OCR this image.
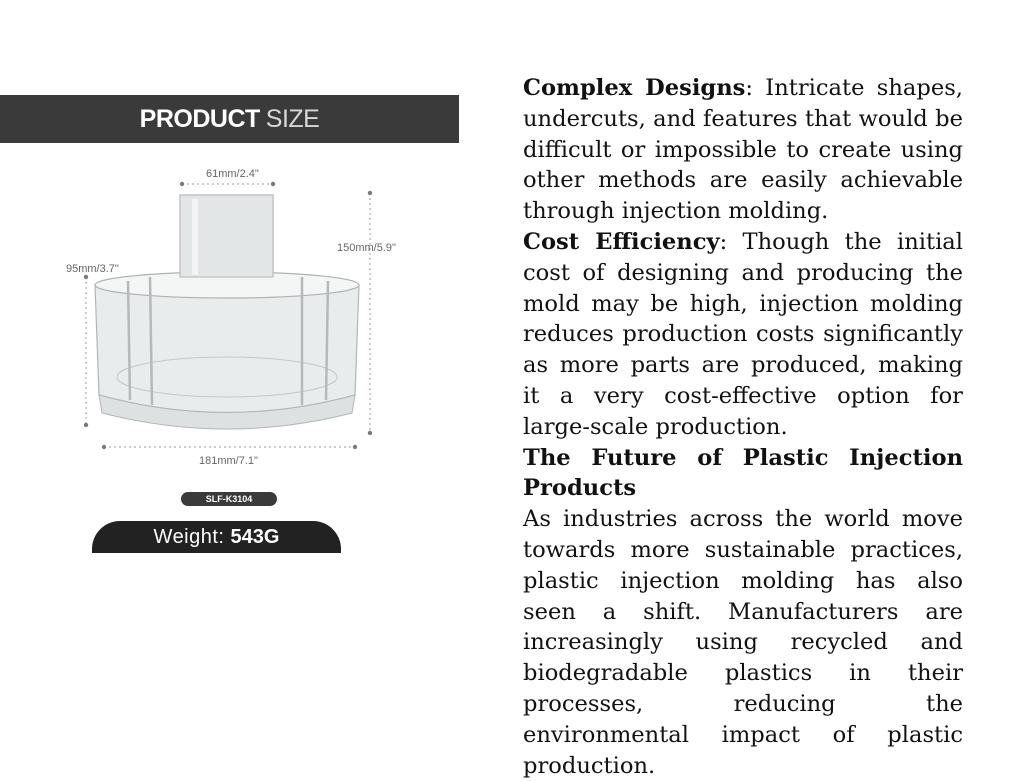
PRODUCT SIZE
61mm/2.4"
150mm/5.9"
95mm/3.7"
181mm/7.1"
SLF-K3104
Weight: 543G

Complex Designs: Intricate shapes, undercuts, and features that would be difficult or impossible to create using other methods are easily achievable through injection molding.

Cost Efficiency: Though the initial cost of designing and producing the mold may be high, injection molding reduces production costs significantly as more parts are produced, making it a very cost-effective option for large-scale production.

The Future of Plastic Injection Products

As industries across the world move towards more sustainable practices, plastic injection molding has also seen a shift. Manufacturers are increasingly using recycled and biodegradable plastics in their processes, reducing the environmental impact of plastic production.
